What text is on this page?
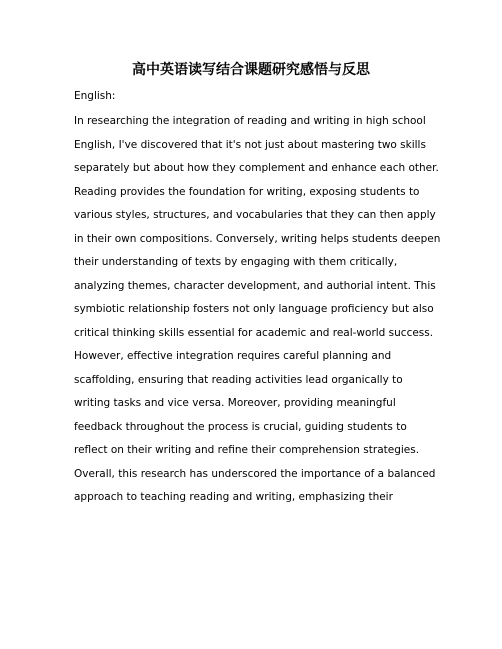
高中英语读写结合课题研究感悟与反思

English:

In researching the integration of reading and writing in high school
English, I've discovered that it's not just about mastering two skills
separately but about how they complement and enhance each other.
Reading provides the foundation for writing, exposing students to
various styles, structures, and vocabularies that they can then apply
in their own compositions. Conversely, writing helps students deepen
their understanding of texts by engaging with them critically,
analyzing themes, character development, and authorial intent. This
symbiotic relationship fosters not only language proficiency but also
critical thinking skills essential for academic and real-world success.
However, effective integration requires careful planning and
scaffolding, ensuring that reading activities lead organically to
writing tasks and vice versa. Moreover, providing meaningful
feedback throughout the process is crucial, guiding students to
reflect on their writing and refine their comprehension strategies.
Overall, this research has underscored the importance of a balanced
approach to teaching reading and writing, emphasizing their
